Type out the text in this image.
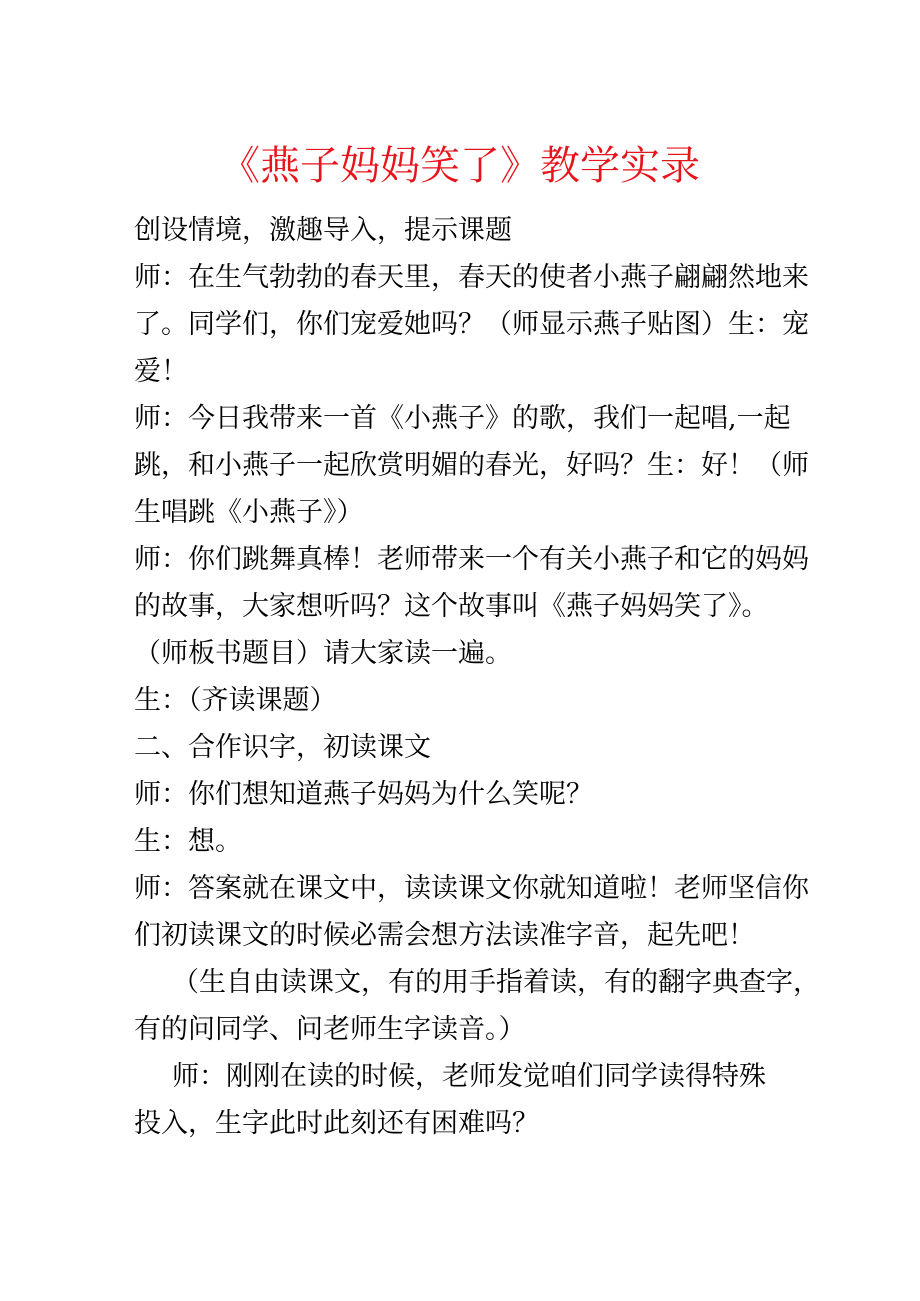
《燕子妈妈笑了》教学实录

创设情境，激趣导入，提示课题

师：在生气勃勃的春天里，春天的使者小燕子翩翩然地来

了。同学们，你们宠爱她吗？（师显示燕子贴图）生：宠

爱！

师：今日我带来一首《小燕子》的歌，我们一起唱,一起

跳，和小燕子一起欣赏明媚的春光，好吗？生：好！（师

生唱跳《小燕子》）

师：你们跳舞真棒！老师带来一个有关小燕子和它的妈妈

的故事，大家想听吗？这个故事叫《燕子妈妈笑了》。

（师板书题目）请大家读一遍。

生：（齐读课题）

二、合作识字，初读课文

师：你们想知道燕子妈妈为什么笑呢？

生：想。

师：答案就在课文中，读读课文你就知道啦！老师坚信你

们初读课文的时候必需会想方法读准字音，起先吧！

（生自由读课文，有的用手指着读，有的翻字典查字，

有的问同学、问老师生字读音。）

师：刚刚在读的时候，老师发觉咱们同学读得特殊

投入，生字此时此刻还有困难吗？
